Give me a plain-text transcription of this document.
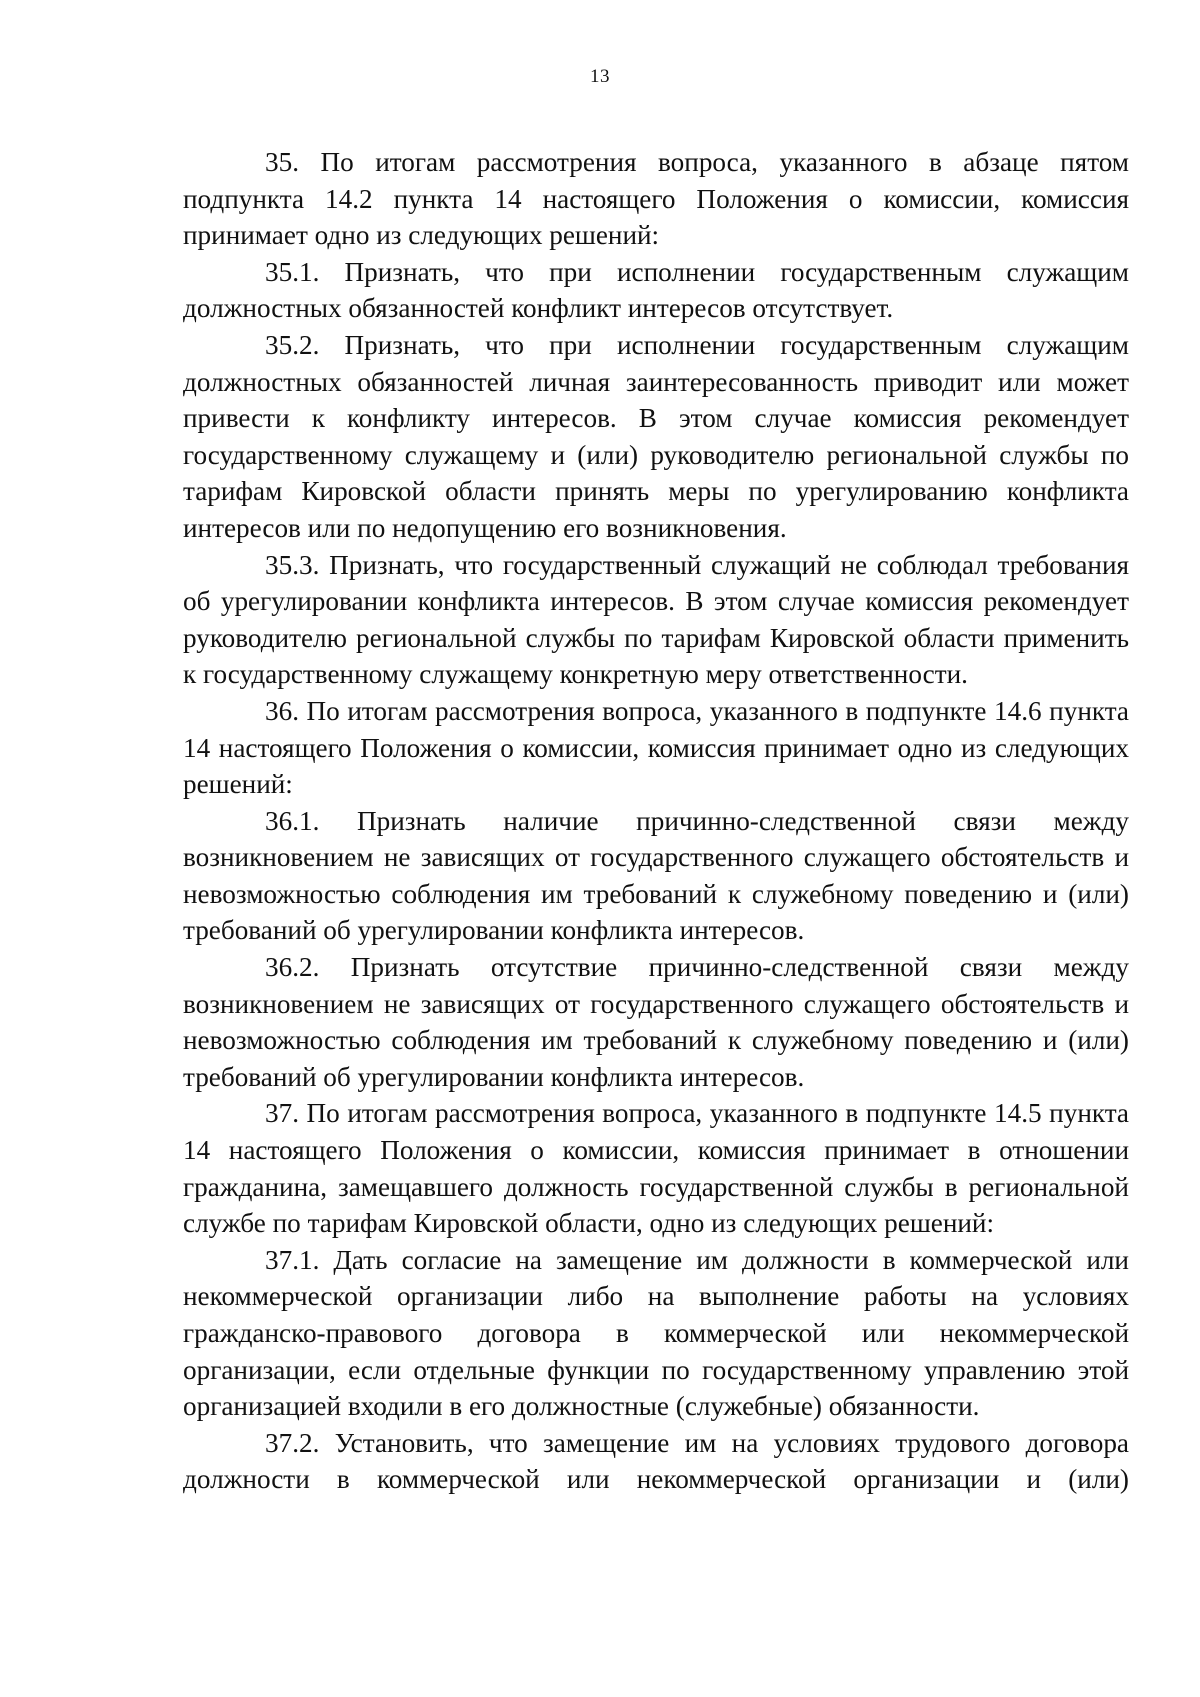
13

35. По итогам рассмотрения вопроса, указанного в абзаце пятом подпункта 14.2 пункта 14 настоящего Положения о комиссии, комиссия принимает одно из следующих решений:

35.1. Признать, что при исполнении государственным служащим должностных обязанностей конфликт интересов отсутствует.

35.2. Признать, что при исполнении государственным служащим должностных обязанностей личная заинтересованность приводит или может привести к конфликту интересов. В этом случае комиссия рекомендует государственному служащему и (или) руководителю региональной службы по тарифам Кировской области принять меры по урегулированию конфликта интересов или по недопущению его возникновения.

35.3. Признать, что государственный служащий не соблюдал требования об урегулировании конфликта интересов. В этом случае комиссия рекомендует руководителю региональной службы по тарифам Кировской области применить к государственному служащему конкретную меру ответственности.

36. По итогам рассмотрения вопроса, указанного в подпункте 14.6 пункта 14 настоящего Положения о комиссии, комиссия принимает одно из следующих решений:

36.1. Признать наличие причинно-следственной связи между возникновением не зависящих от государственного служащего обстоятельств и невозможностью соблюдения им требований к служебному поведению и (или) требований об урегулировании конфликта интересов.

36.2. Признать отсутствие причинно-следственной связи между возникновением не зависящих от государственного служащего обстоятельств и невозможностью соблюдения им требований к служебному поведению и (или) требований об урегулировании конфликта интересов.

37. По итогам рассмотрения вопроса, указанного в подпункте 14.5 пункта 14 настоящего Положения о комиссии, комиссия принимает в отношении гражданина, замещавшего должность государственной службы в региональной службе по тарифам Кировской области, одно из следующих решений:

37.1. Дать согласие на замещение им должности в коммерческой или некоммерческой организации либо на выполнение работы на условиях гражданско-правового договора в коммерческой или некоммерческой организации, если отдельные функции по государственному управлению этой организацией входили в его должностные (служебные) обязанности.

37.2. Установить, что замещение им на условиях трудового договора должности в коммерческой или некоммерческой организации и (или)
